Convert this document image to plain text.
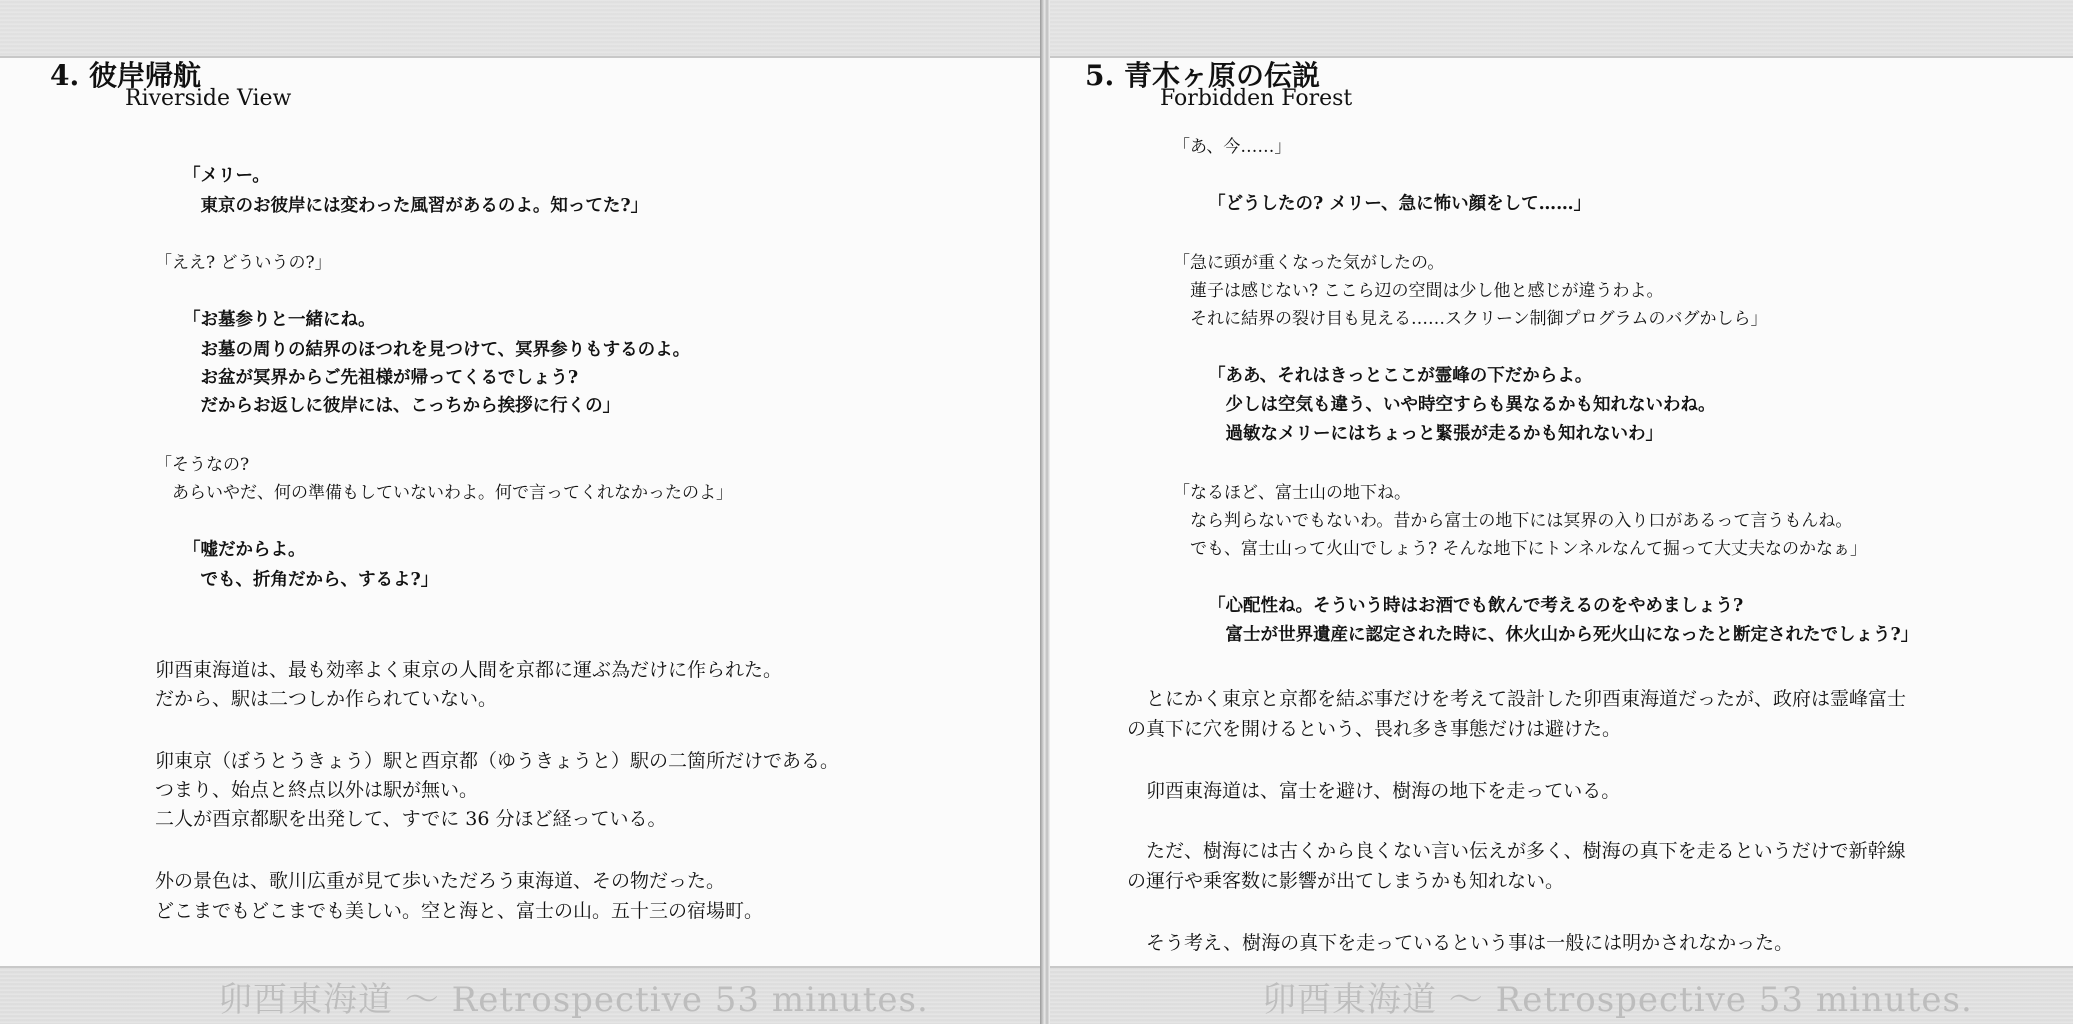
4. 彼岸帰航
Riverside View
「メリー。
　東京のお彼岸には変わった風習があるのよ。知ってた?」
「ええ? どういうの?」
「お墓参りと一緒にね。
　お墓の周りの結界のほつれを見つけて、冥界参りもするのよ。
　お盆が冥界からご先祖様が帰ってくるでしょう?
　だからお返しに彼岸には、こっちから挨拶に行くの」
「そうなの?
　あらいやだ、何の準備もしていないわよ。何で言ってくれなかったのよ」
「嘘だからよ。
　でも、折角だから、するよ?」
卯酉東海道は、最も効率よく東京の人間を京都に運ぶ為だけに作られた。
だから、駅は二つしか作られていない。
卯東京（ぼうとうきょう）駅と酉京都（ゆうきょうと）駅の二箇所だけである。
つまり、始点と終点以外は駅が無い。
二人が酉京都駅を出発して、すでに 36 分ほど経っている。
外の景色は、歌川広重が見て歩いただろう東海道、その物だった。
どこまでもどこまでも美しい。空と海と、富士の山。五十三の宿場町。
卯酉東海道 〜 Retrospective 53 minutes.
5. 青木ヶ原の伝説
Forbidden Forest
「あ、今……」
「どうしたの? メリー、急に怖い顔をして……」
「急に頭が重くなった気がしたの。
　蓮子は感じない? ここら辺の空間は少し他と感じが違うわよ。
　それに結界の裂け目も見える……スクリーン制御プログラムのバグかしら」
「ああ、それはきっとここが霊峰の下だからよ。
　少しは空気も違う、いや時空すらも異なるかも知れないわね。
　過敏なメリーにはちょっと緊張が走るかも知れないわ」
「なるほど、富士山の地下ね。
　なら判らないでもないわ。昔から富士の地下には冥界の入り口があるって言うもんね。
　でも、富士山って火山でしょう? そんな地下にトンネルなんて掘って大丈夫なのかなぁ」
「心配性ね。そういう時はお酒でも飲んで考えるのをやめましょう?
　富士が世界遺産に認定された時に、休火山から死火山になったと断定されたでしょう?」
　とにかく東京と京都を結ぶ事だけを考えて設計した卯酉東海道だったが、政府は霊峰富士
の真下に穴を開けるという、畏れ多き事態だけは避けた。
　卯酉東海道は、富士を避け、樹海の地下を走っている。
　ただ、樹海には古くから良くない言い伝えが多く、樹海の真下を走るというだけで新幹線
の運行や乗客数に影響が出てしまうかも知れない。
　そう考え、樹海の真下を走っているという事は一般には明かされなかった。
卯酉東海道 〜 Retrospective 53 minutes.
